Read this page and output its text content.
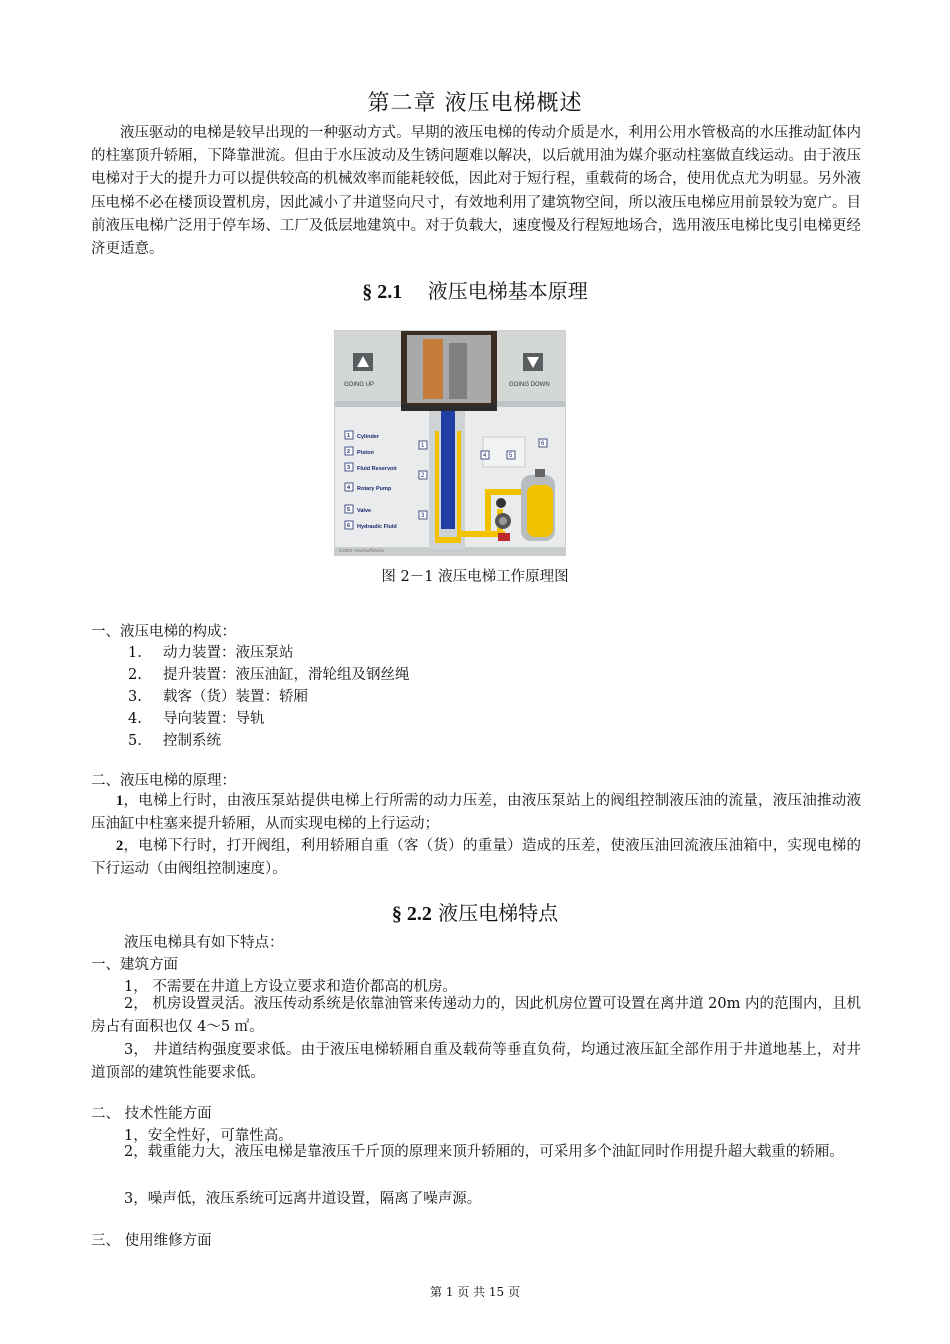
第二章 液压电梯概述

液压驱动的电梯是较早出现的一种驱动方式。早期的液压电梯的传动介质是水，利用公用水管极高的水压推动缸体内的柱塞顶升轿厢，下降靠泄流。但由于水压波动及生锈问题难以解决，以后就用油为媒介驱动柱塞做直线运动。由于液压电梯对于大的提升力可以提供较高的机械效率而能耗较低，因此对于短行程，重载荷的场合，使用优点尤为明显。另外液压电梯不必在楼顶设置机房，因此减小了井道竖向尺寸，有效地利用了建筑物空间，所以液压电梯应用前景较为宽广。目前液压电梯广泛用于停车场、工厂及低层地建筑中。对于负载大，速度慢及行程短地场合，选用液压电梯比曳引电梯更经济更适意。

§ 2.1 液压电梯基本原理
GOING UP	GOING DOWN
1
2
3
4	5
6
1 Cylinder
2 Piston
3 Fluid Reservoir
4 Rotary Pump
5 Valve
6 Hydraulic Fluid
©2001 HowStuffWorks
图 2－1 液压电梯工作原理图
一、液压电梯的构成：
1. 动力装置：液压泵站
2. 提升装置：液压油缸，滑轮组及钢丝绳
3. 载客（货）装置：轿厢
4. 导向装置：导轨
5. 控制系统
二、液压电梯的原理：

1，电梯上行时，由液压泵站提供电梯上行所需的动力压差，由液压泵站上的阀组控制液压油的流量，液压油推动液压油缸中柱塞来提升轿厢，从而实现电梯的上行运动；

2，电梯下行时，打开阀组，利用轿厢自重（客（货）的重量）造成的压差，使液压油回流液压油箱中，实现电梯的下行运动（由阀组控制速度）。

§ 2.2 液压电梯特点
液压电梯具有如下特点：
一、建筑方面
1， 不需要在井道上方设立要求和造价都高的机房。

2， 机房设置灵活。液压传动系统是依靠油管来传递动力的，因此机房位置可设置在离井道 20m 内的范围内，且机房占有面积也仅 4～5 ㎡。

3， 井道结构强度要求低。由于液压电梯轿厢自重及载荷等垂直负荷，均通过液压缸全部作用于井道地基上，对井道顶部的建筑性能要求低。

二、 技术性能方面
1，安全性好，可靠性高。

2，载重能力大，液压电梯是靠液压千斤顶的原理来顶升轿厢的，可采用多个油缸同时作用提升超大载重的轿厢。

3，噪声低，液压系统可远离井道设置，隔离了噪声源。
三、 使用维修方面
第 1 页 共 15 页
